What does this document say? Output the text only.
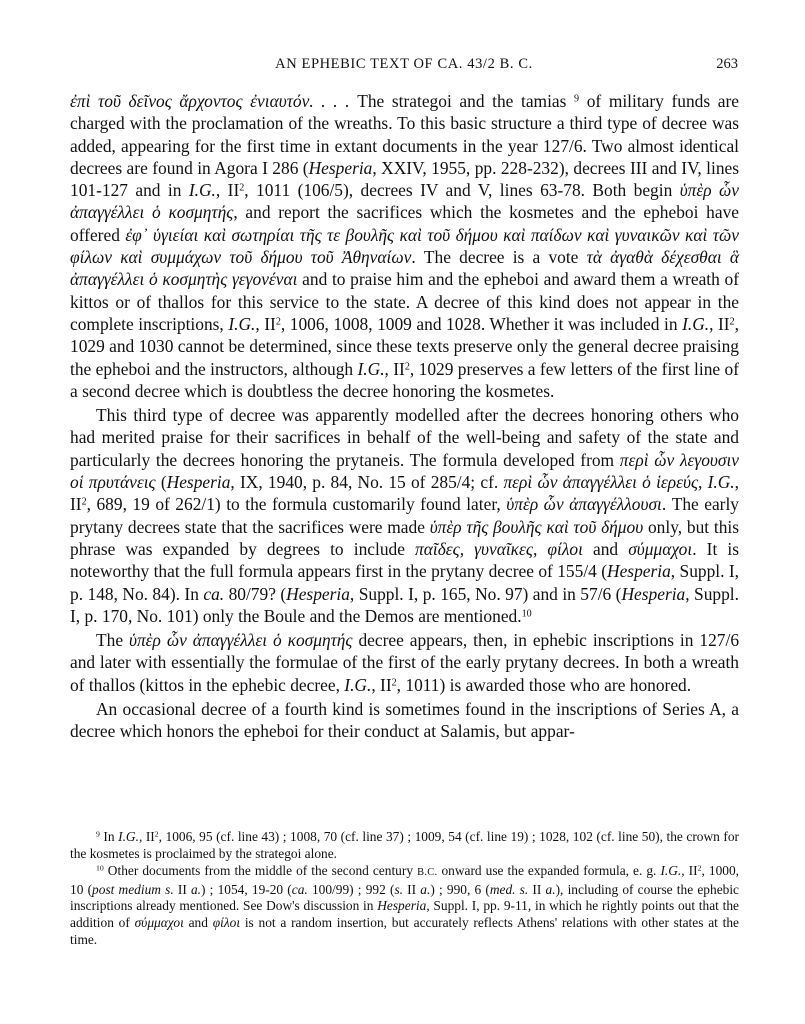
AN EPHEBIC TEXT OF CA. 43/2 B. C.	263

ἐπὶ τοῦ δεῖνος ἄρχοντος ἐνιαυτόν. . . . The strategoi and the tamias $^9$ of military funds are charged with the proclamation of the wreaths. To this basic structure a third type of decree was added, appearing for the first time in extant documents in the year 127/6. Two almost identical decrees are found in Agora I 286 (Hesperia, XXIV, 1955, pp. 228-232), decrees III and IV, lines 101-127 and in I.G., $II^2$, 1011 (106/5), decrees IV and V, lines 63-78. Both begin ὑπὲρ ὧν ἀπαγγέλλει ὁ κοσμητής, and report the sacrifices which the kosmetes and the epheboi have offered ἐφ᾽ ὑγιείαι καὶ σωτηρίαι τῆς τε βουλῆς καὶ τοῦ δήμου καὶ παίδων καὶ γυναικῶν καὶ τῶν φίλων καὶ συμμάχων τοῦ δήμου τοῦ Ἀθηναίων. The decree is a vote τὰ ἀγαθὰ δέχεσθαι ἃ ἀπαγγέλλει ὁ κοσμητὴς γεγονέναι and to praise him and the epheboi and award them a wreath of kittos or of thallos for this service to the state. A decree of this kind does not appear in the complete inscriptions, I.G., $II^2$, 1006, 1008, 1009 and 1028. Whether it was included in I.G., $II^2$, 1029 and 1030 cannot be determined, since these texts preserve only the general decree praising the epheboi and the instructors, although I.G., $II^2$, 1029 preserves a few letters of the first line of a second decree which is doubtless the decree honoring the kosmetes.

This third type of decree was apparently modelled after the decrees honoring others who had merited praise for their sacrifices in behalf of the well-being and safety of the state and particularly the decrees honoring the prytaneis. The formula developed from περὶ ὧν λεγουσιν οἱ πρυτάνεις (Hesperia, IX, 1940, p. 84, No. 15 of 285/4; cf. περὶ ὧν ἀπαγγέλλει ὁ ἱερεύς, I.G., $II^2$, 689, 19 of 262/1) to the formula customarily found later, ὑπὲρ ὧν ἀπαγγέλλουσι. The early prytany decrees state that the sacrifices were made ὑπὲρ τῆς βουλῆς καὶ τοῦ δήμου only, but this phrase was expanded by degrees to include παῖδες, γυναῖκες, φίλοι and σύμμαχοι. It is noteworthy that the full formula appears first in the prytany decree of 155/4 (Hesperia, Suppl. I, p. 148, No. 84). In ca. 80/79? (Hesperia, Suppl. I, p. 165, No. 97) and in 57/6 (Hesperia, Suppl. I, p. 170, No. 101) only the Boule and the Demos are mentioned.$^{10}$

The ὑπὲρ ὧν ἀπαγγέλλει ὁ κοσμητής decree appears, then, in ephebic inscriptions in 127/6 and later with essentially the formulae of the first of the early prytany decrees. In both a wreath of thallos (kittos in the ephebic decree, I.G., $II^2$, 1011) is awarded those who are honored.

An occasional decree of a fourth kind is sometimes found in the inscriptions of Series A, a decree which honors the epheboi for their conduct at Salamis, but appar-

$^9$ In I.G., $II^2$, 1006, 95 (cf. line 43) ; 1008, 70 (cf. line 37) ; 1009, 54 (cf. line 19) ; 1028, 102 (cf. line 50), the crown for the kosmetes is proclaimed by the strategoi alone.

$^{10}$ Other documents from the middle of the second century B.C. onward use the expanded formula, e. g. I.G., $II^2$, 1000, 10 (post medium s. II a.) ; 1054, 19-20 (ca. 100/99) ; 992 (s. II a.) ; 990, 6 (med. s. II a.), including of course the ephebic inscriptions already mentioned. See Dow's discussion in Hesperia, Suppl. I, pp. 9-11, in which he rightly points out that the addition of σύμμαχοι and φίλοι is not a random insertion, but accurately reflects Athens' relations with other states at the time.
